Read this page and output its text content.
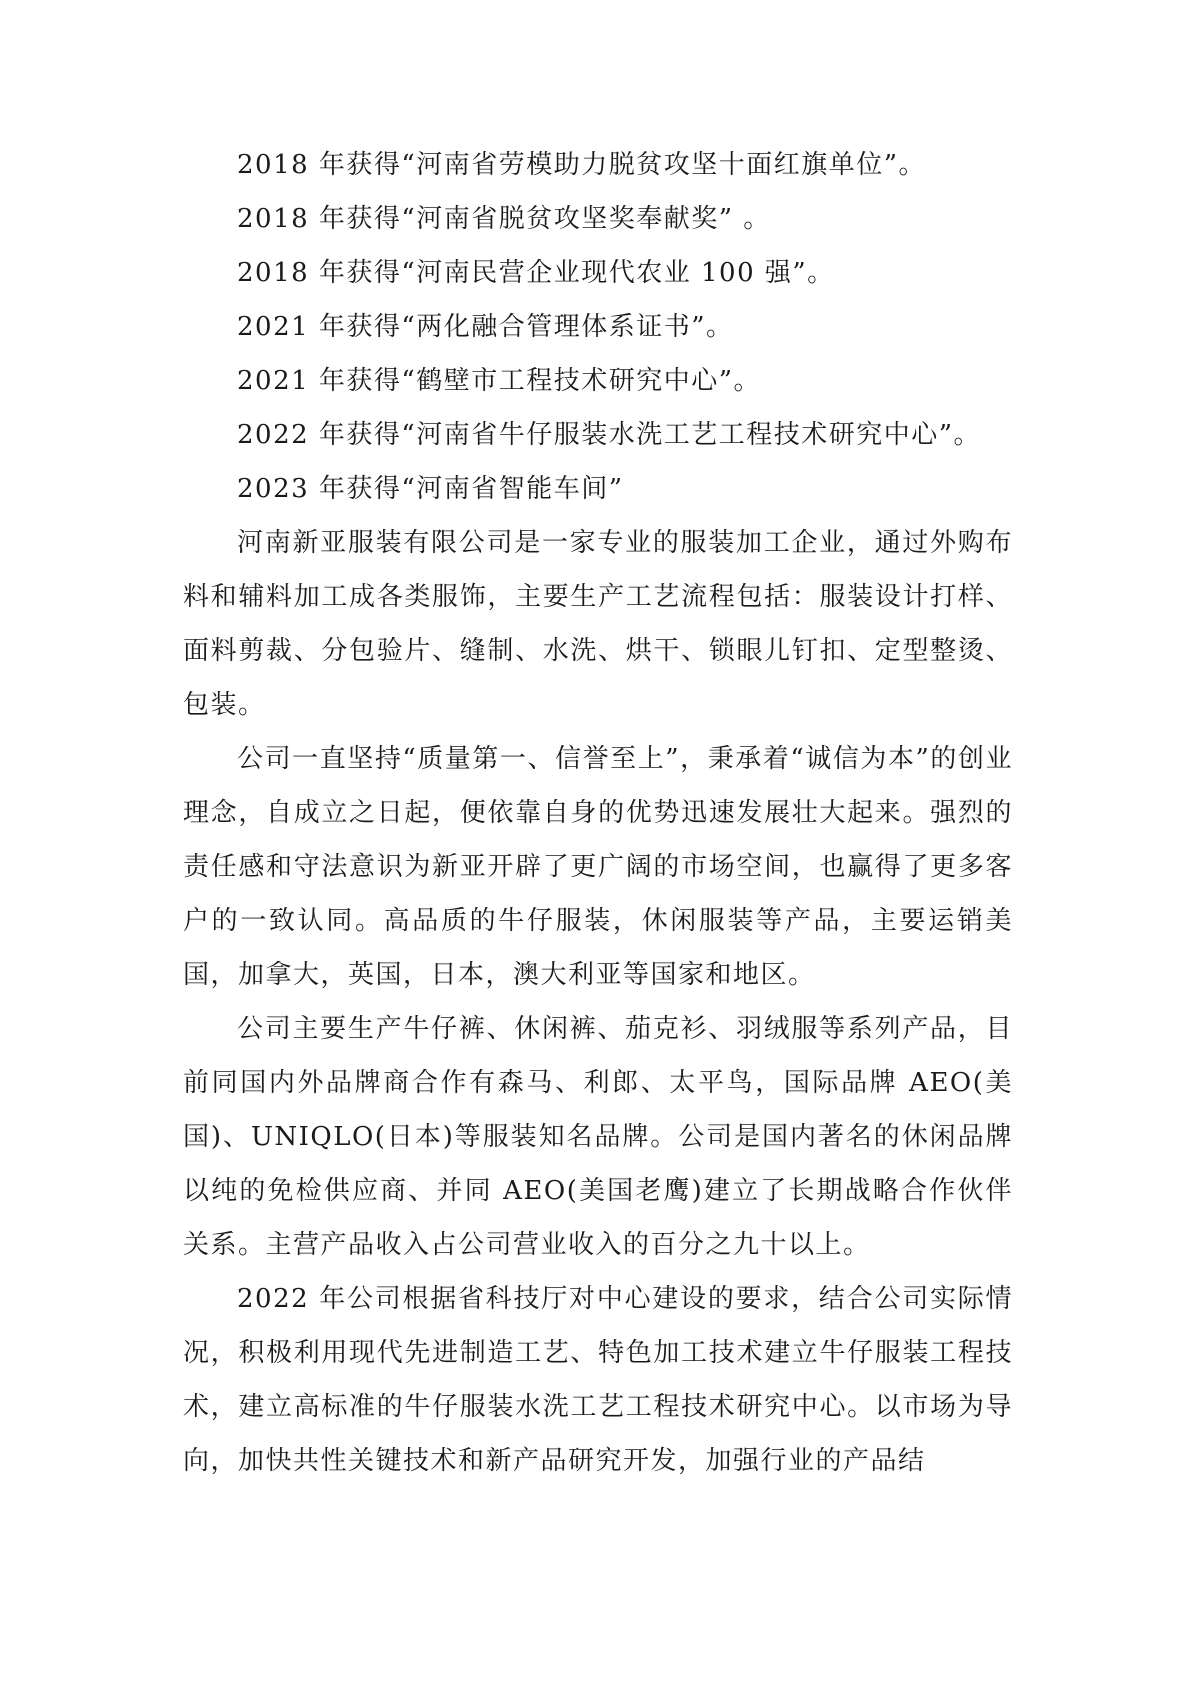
2018 年获得“河南省劳模助力脱贫攻坚十面红旗单位”。
2018 年获得“河南省脱贫攻坚奖奉献奖” 。
2018 年获得“河南民营企业现代农业 100 强”。
2021 年获得“两化融合管理体系证书”。
2021 年获得“鹤壁市工程技术研究中心”。
2022 年获得“河南省牛仔服装水洗工艺工程技术研究中心”。
2023 年获得“河南省智能车间”

河南新亚服装有限公司是一家专业的服装加工企业，通过外购布料和辅料加工成各类服饰，主要生产工艺流程包括：服装设计打样、面料剪裁、分包验片、缝制、水洗、烘干、锁眼儿钉扣、定型整烫、包装。

公司一直坚持“质量第一、信誉至上”，秉承着“诚信为本”的创业理念，自成立之日起，便依靠自身的优势迅速发展壮大起来。强烈的责任感和守法意识为新亚开辟了更广阔的市场空间，也赢得了更多客户的一致认同。高品质的牛仔服装，休闲服装等产品，主要运销美国，加拿大，英国，日本，澳大利亚等国家和地区。

公司主要生产牛仔裤、休闲裤、茄克衫、羽绒服等系列产品，目前同国内外品牌商合作有森马、利郎、太平鸟，国际品牌 AEO(美国)、UNIQLO(日本)等服装知名品牌。公司是国内著名的休闲品牌以纯的免检供应商、并同 AEO(美国老鹰)建立了长期战略合作伙伴关系。主营产品收入占公司营业收入的百分之九十以上。

2022 年公司根据省科技厅对中心建设的要求，结合公司实际情况，积极利用现代先进制造工艺、特色加工技术建立牛仔服装工程技术，建立高标准的牛仔服装水洗工艺工程技术研究中心。以市场为导向，加快共性关键技术和新产品研究开发，加强行业的产品结
